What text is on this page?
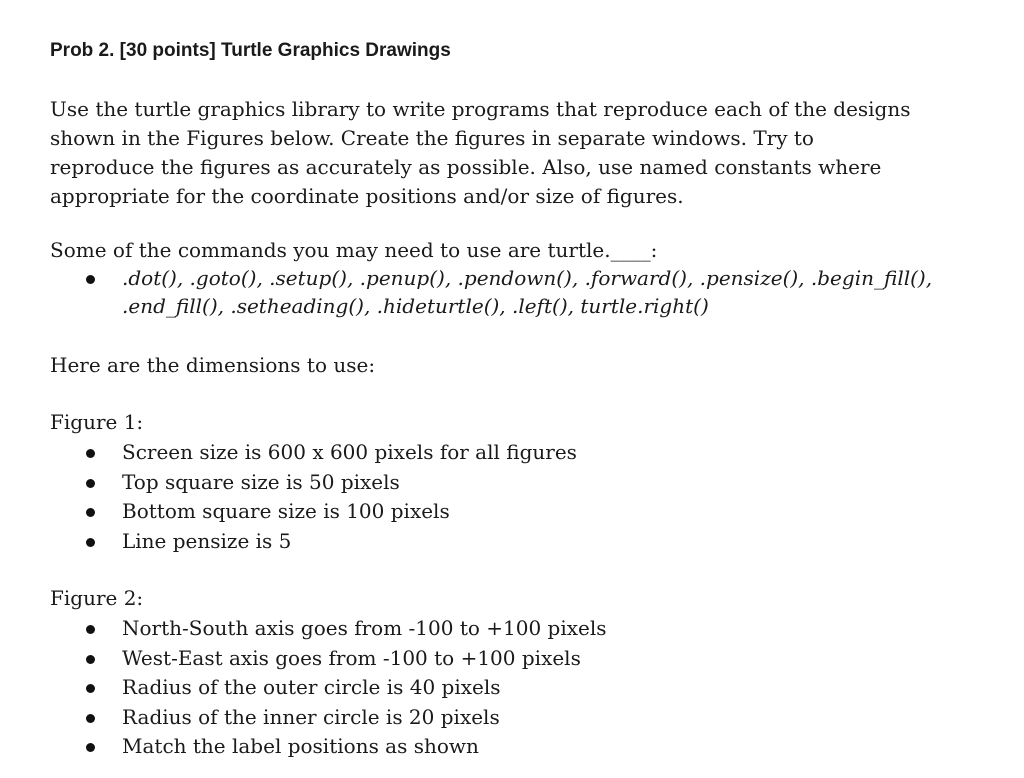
Prob 2. [30 points] Turtle Graphics Drawings
Use the turtle graphics library to write programs that reproduce each of the designs
shown in the Figures below. Create the figures in separate windows. Try to
reproduce the figures as accurately as possible. Also, use named constants where
appropriate for the coordinate positions and/or size of figures.
Some of the commands you may need to use are turtle.____:
.dot(), .goto(), .setup(), .penup(), .pendown(), .forward(), .pensize(), .begin_fill(),
.end_fill(), .setheading(), .hideturtle(), .left(), turtle.right()
Here are the dimensions to use:
Figure 1:
Screen size is 600 x 600 pixels for all figures
Top square size is 50 pixels
Bottom square size is 100 pixels
Line pensize is 5
Figure 2:
North-South axis goes from -100 to +100 pixels
West-East axis goes from -100 to +100 pixels
Radius of the outer circle is 40 pixels
Radius of the inner circle is 20 pixels
Match the label positions as shown
